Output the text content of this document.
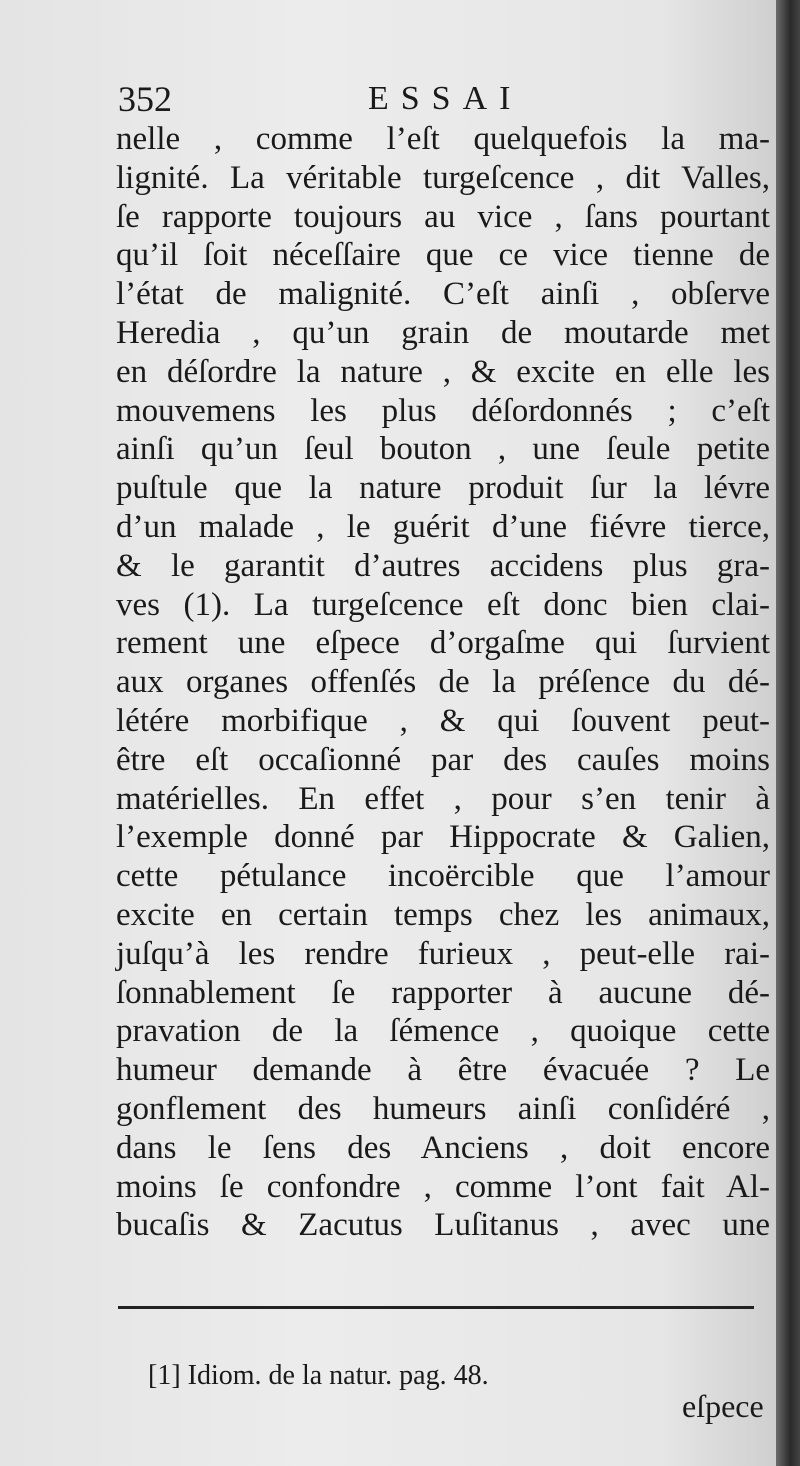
352	ESSAI
nelle , comme l’eſt quelquefois la ma-
lignité. La véritable turgeſcence , dit Valles,
ſe rapporte toujours au vice , ſans pourtant
qu’il ſoit néceſſaire que ce vice tienne de
l’état de malignité. C’eſt ainſi , obſerve
Heredia , qu’un grain de moutarde met
en déſordre la nature , & excite en elle les
mouvemens les plus déſordonnés ; c’eſt
ainſi qu’un ſeul bouton , une ſeule petite
puſtule que la nature produit ſur la lévre
d’un malade , le guérit d’une fiévre tierce,
& le garantit d’autres accidens plus gra-
ves (1). La turgeſcence eſt donc bien clai-
rement une eſpece d’orgaſme qui ſurvient
aux organes offenſés de la préſence du dé-
létére morbifique , & qui ſouvent peut-
être eſt occaſionné par des cauſes moins
matérielles. En effet , pour s’en tenir à
l’exemple donné par Hippocrate & Galien,
cette pétulance incoërcible que l’amour
excite en certain temps chez les animaux,
juſqu’à les rendre furieux , peut-elle rai-
ſonnablement ſe rapporter à aucune dé-
pravation de la ſémence , quoique cette
humeur demande à être évacuée ? Le
gonflement des humeurs ainſi conſidéré ,
dans le ſens des Anciens , doit encore
moins ſe confondre , comme l’ont fait Al-
bucaſis & Zacutus Luſitanus , avec une
[1] Idiom. de la natur. pag. 48.
eſpece
